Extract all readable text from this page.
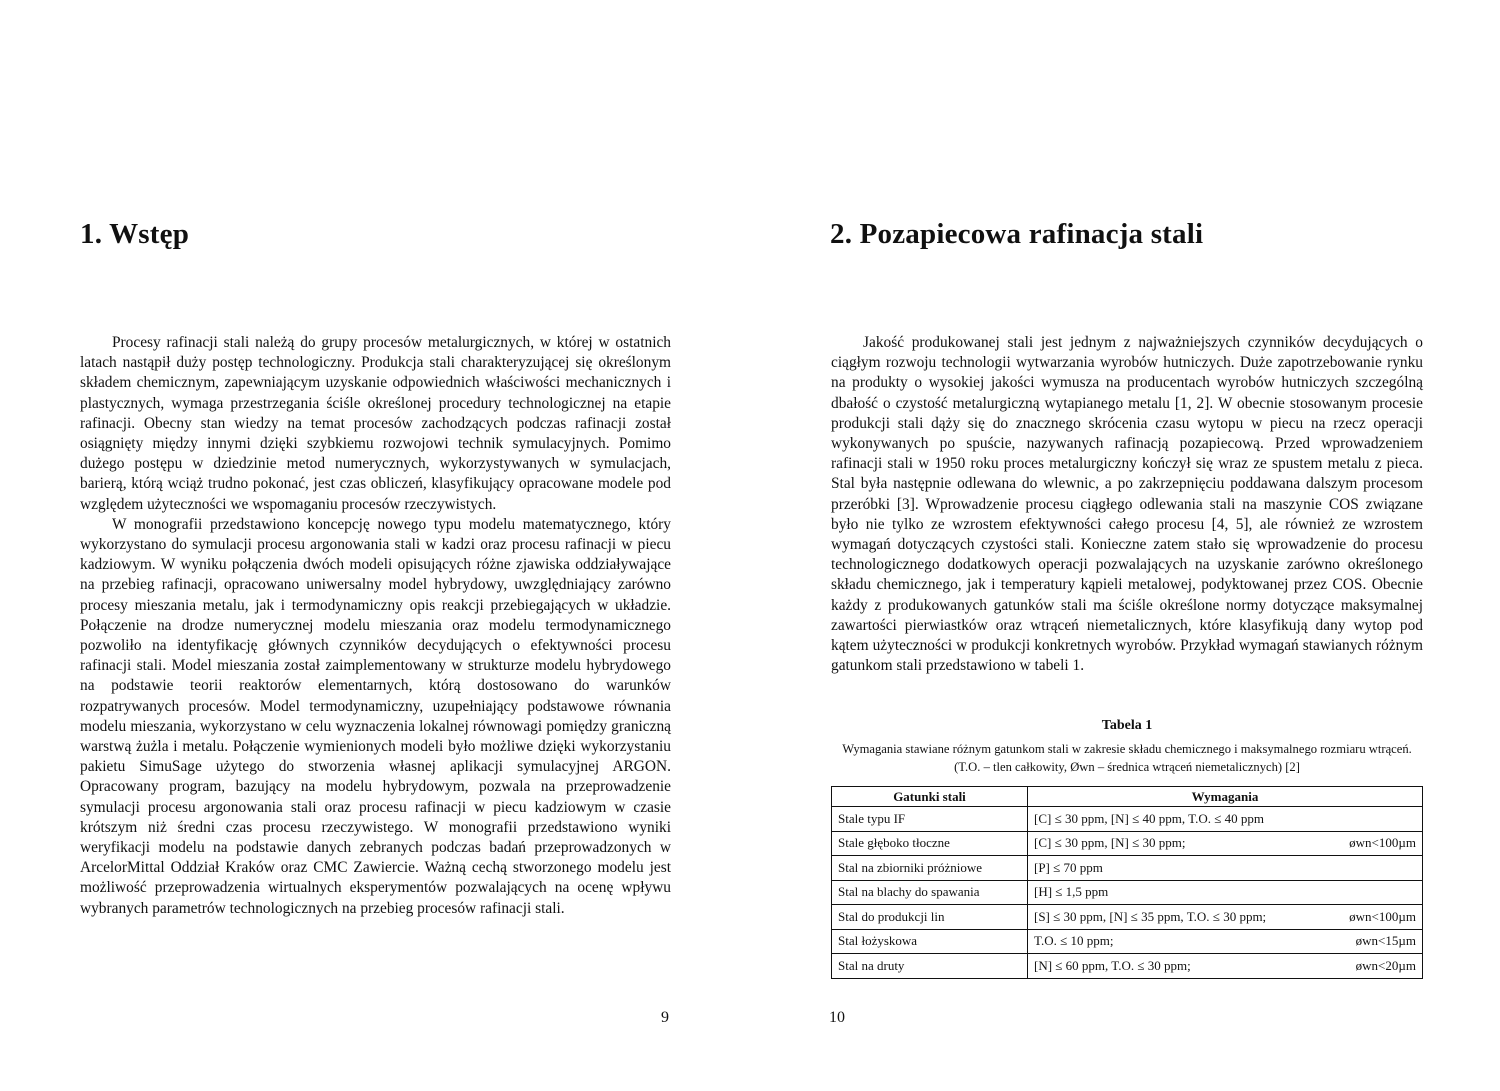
1. Wstęp

Procesy rafinacji stali należą do grupy procesów metalurgicznych, w której w ostatnich latach nastąpił duży postęp technologiczny. Produkcja stali charakteryzującej się określonym składem chemicznym, zapewniającym uzyskanie odpowiednich właściwości mechanicznych i plastycznych, wymaga przestrzegania ściśle określonej procedury technologicznej na etapie rafinacji. Obecny stan wiedzy na temat procesów zachodzących podczas rafinacji został osiągnięty między innymi dzięki szybkiemu rozwojowi technik symulacyjnych. Pomimo dużego postępu w dziedzinie metod numerycznych, wykorzystywanych w symulacjach, barierą, którą wciąż trudno pokonać, jest czas obliczeń, klasyfikujący opracowane modele pod względem użyteczności we wspomaganiu procesów rzeczywistych.

W monografii przedstawiono koncepcję nowego typu modelu matematycznego, który wykorzystano do symulacji procesu argonowania stali w kadzi oraz procesu rafinacji w piecu kadziowym. W wyniku połączenia dwóch modeli opisujących różne zjawiska oddziaływające na przebieg rafinacji, opracowano uniwersalny model hybrydowy, uwzględniający zarówno procesy mieszania metalu, jak i termodynamiczny opis reakcji przebiegających w układzie. Połączenie na drodze numerycznej modelu mieszania oraz modelu termodynamicznego pozwoliło na identyfikację głównych czynników decydujących o efektywności procesu rafinacji stali. Model mieszania został zaimplementowany w strukturze modelu hybrydowego na podstawie teorii reaktorów elementarnych, którą dostosowano do warunków rozpatrywanych procesów. Model termodynamiczny, uzupełniający podstawowe równania modelu mieszania, wykorzystano w celu wyznaczenia lokalnej równowagi pomiędzy graniczną warstwą żużla i metalu. Połączenie wymienionych modeli było możliwe dzięki wykorzystaniu pakietu SimuSage użytego do stworzenia własnej aplikacji symulacyjnej ARGON. Opracowany program, bazujący na modelu hybrydowym, pozwala na przeprowadzenie symulacji procesu argonowania stali oraz procesu rafinacji w piecu kadziowym w czasie krótszym niż średni czas procesu rzeczywistego. W monografii przedstawiono wyniki weryfikacji modelu na podstawie danych zebranych podczas badań przeprowadzonych w ArcelorMittal Oddział Kraków oraz CMC Zawiercie. Ważną cechą stworzonego modelu jest możliwość przeprowadzenia wirtualnych eksperymentów pozwalających na ocenę wpływu wybranych parametrów technologicznych na przebieg procesów rafinacji stali.

9
2. Pozapiecowa rafinacja stali

Jakość produkowanej stali jest jednym z najważniejszych czynników decydujących o ciągłym rozwoju technologii wytwarzania wyrobów hutniczych. Duże zapotrzebowanie rynku na produkty o wysokiej jakości wymusza na producentach wyrobów hutniczych szczególną dbałość o czystość metalurgiczną wytapianego metalu [1, 2]. W obecnie stosowanym procesie produkcji stali dąży się do znacznego skrócenia czasu wytopu w piecu na rzecz operacji wykonywanych po spuście, nazywanych rafinacją pozapiecową. Przed wprowadzeniem rafinacji stali w 1950 roku proces metalurgiczny kończył się wraz ze spustem metalu z pieca. Stal była następnie odlewana do wlewnic, a po zakrzepnięciu poddawana dalszym procesom przeróbki [3]. Wprowadzenie procesu ciągłego odlewania stali na maszynie COS związane było nie tylko ze wzrostem efektywności całego procesu [4, 5], ale również ze wzrostem wymagań dotyczących czystości stali. Konieczne zatem stało się wprowadzenie do procesu technologicznego dodatkowych operacji pozwalających na uzyskanie zarówno określonego składu chemicznego, jak i temperatury kąpieli metalowej, podyktowanej przez COS. Obecnie każdy z produkowanych gatunków stali ma ściśle określone normy dotyczące maksymalnej zawartości pierwiastków oraz wtrąceń niemetalicznych, które klasyfikują dany wytop pod kątem użyteczności w produkcji konkretnych wyrobów. Przykład wymagań stawianych różnym gatunkom stali przedstawiono w tabeli 1.

Tabela 1
Wymagania stawiane różnym gatunkom stali w zakresie składu chemicznego i maksymalnego rozmiaru wtrąceń. (T.O. – tlen całkowity, Øwn – średnica wtrąceń niemetalicznych) [2]
Gatunki stali	Wymagania
Stale typu IF	[C] ≤ 30 ppm, [N] ≤ 40 ppm, T.O. ≤ 40 ppm

Stale głęboko tłoczne	[C] ≤ 30 ppm, [N] ≤ 30 ppm; øwn<100µm

Stal na zbiorniki próżniowe	[P] ≤ 70 ppm

Stal na blachy do spawania	[H] ≤ 1,5 ppm

Stal do produkcji lin	[S] ≤ 30 ppm, [N] ≤ 35 ppm, T.O. ≤ 30 ppm; øwn<100µm

Stal łożyskowa	T.O. ≤ 10 ppm; øwn<15µm

Stal na druty	[N] ≤ 60 ppm, T.O. ≤ 30 ppm; øwn<20µm
10
